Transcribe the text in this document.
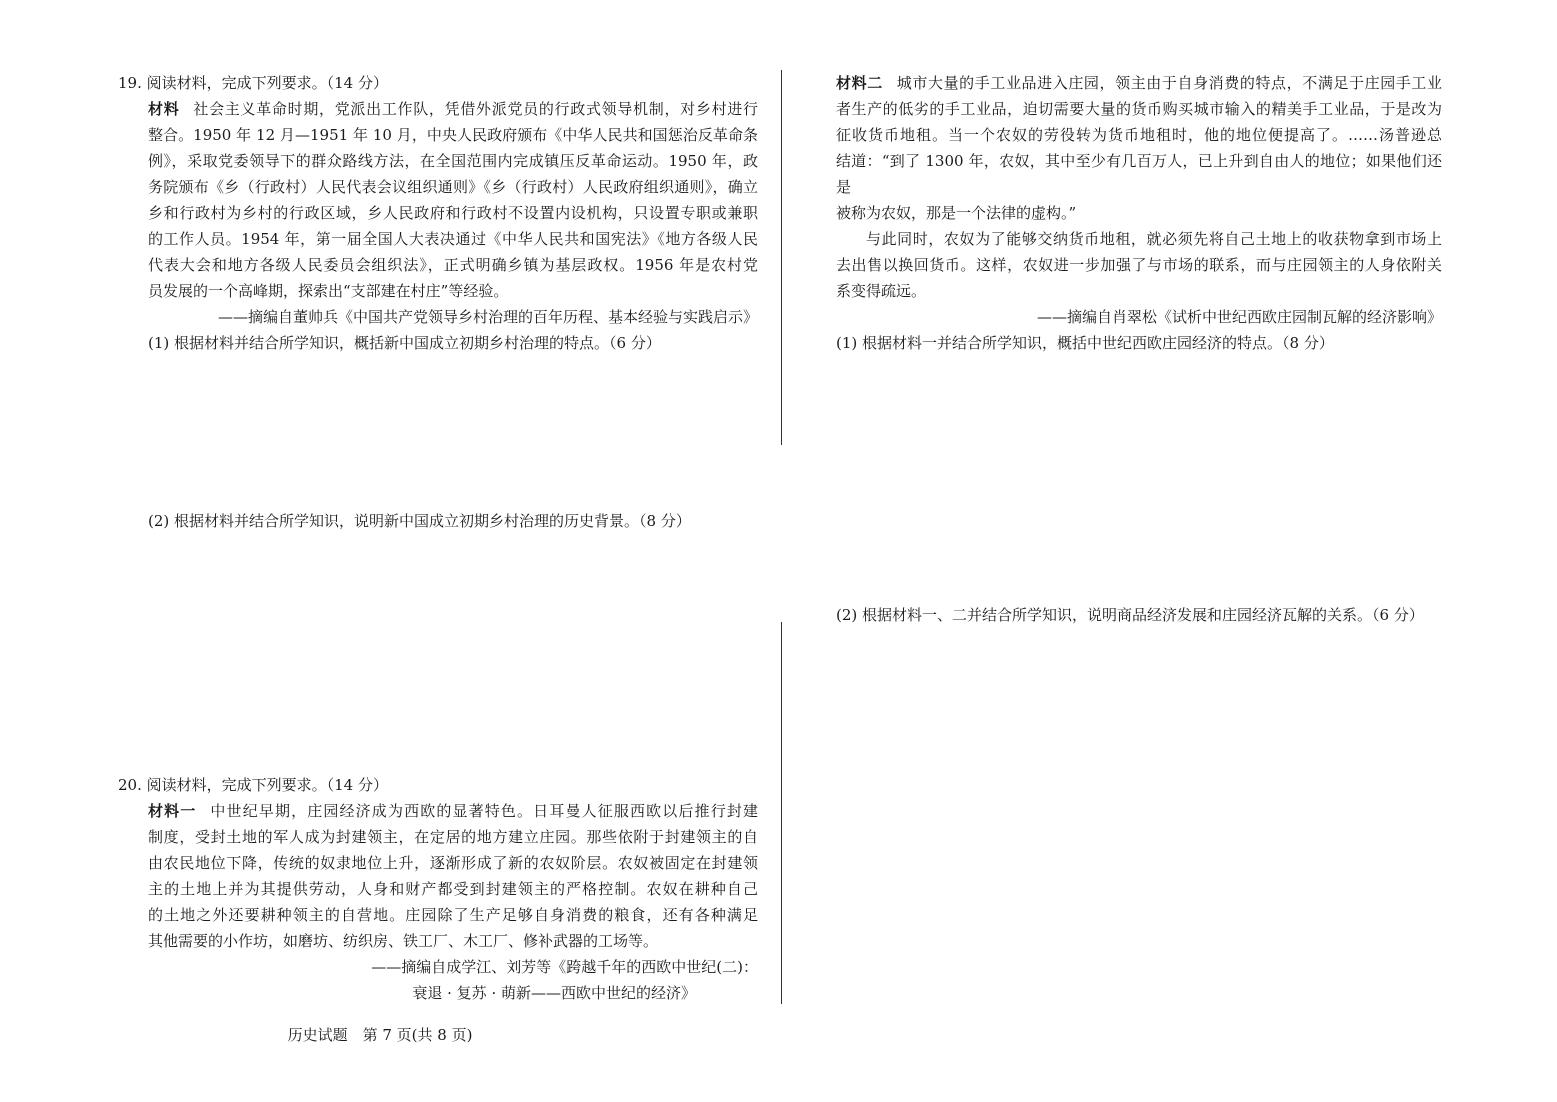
19. 阅读材料，完成下列要求。（14 分）
材料 社会主义革命时期，党派出工作队，凭借外派党员的行政式领导机制，对乡村进行
整合。1950 年 12 月—1951 年 10 月，中央人民政府颁布《中华人民共和国惩治反革命条
例》，采取党委领导下的群众路线方法，在全国范围内完成镇压反革命运动。1950 年，政
务院颁布《乡（行政村）人民代表会议组织通则》《乡（行政村）人民政府组织通则》，确立
乡和行政村为乡村的行政区域，乡人民政府和行政村不设置内设机构，只设置专职或兼职
的工作人员。1954 年，第一届全国人大表决通过《中华人民共和国宪法》《地方各级人民
代表大会和地方各级人民委员会组织法》，正式明确乡镇为基层政权。1956 年是农村党
员发展的一个高峰期，探索出“支部建在村庄”等经验。
——摘编自董帅兵《中国共产党领导乡村治理的百年历程、基本经验与实践启示》
(1) 根据材料并结合所学知识，概括新中国成立初期乡村治理的特点。（6 分）
(2) 根据材料并结合所学知识，说明新中国成立初期乡村治理的历史背景。（8 分）
20. 阅读材料，完成下列要求。（14 分）
材料一 中世纪早期，庄园经济成为西欧的显著特色。日耳曼人征服西欧以后推行封建
制度，受封土地的军人成为封建领主，在定居的地方建立庄园。那些依附于封建领主的自
由农民地位下降，传统的奴隶地位上升，逐渐形成了新的农奴阶层。农奴被固定在封建领
主的土地上并为其提供劳动，人身和财产都受到封建领主的严格控制。农奴在耕种自己
的土地之外还要耕种领主的自营地。庄园除了生产足够自身消费的粮食，还有各种满足
其他需要的小作坊，如磨坊、纺织房、铁工厂、木工厂、修补武器的工场等。
——摘编自成学江、刘芳等《跨越千年的西欧中世纪(二)：
衰退 · 复苏 · 萌新——西欧中世纪的经济》
历史试题　第 7 页(共 8 页)
材料二 城市大量的手工业品进入庄园，领主由于自身消费的特点，不满足于庄园手工业
者生产的低劣的手工业品，迫切需要大量的货币购买城市输入的精美手工业品，于是改为
征收货币地租。当一个农奴的劳役转为货币地租时，他的地位便提高了。……汤普逊总
结道：“到了 1300 年，农奴，其中至少有几百万人，已上升到自由人的地位；如果他们还是
被称为农奴，那是一个法律的虚构。”
与此同时，农奴为了能够交纳货币地租，就必须先将自己土地上的收获物拿到市场上
去出售以换回货币。这样，农奴进一步加强了与市场的联系，而与庄园领主的人身依附关
系变得疏远。
——摘编自肖翠松《试析中世纪西欧庄园制瓦解的经济影响》
(1) 根据材料一并结合所学知识，概括中世纪西欧庄园经济的特点。（8 分）
(2) 根据材料一、二并结合所学知识，说明商品经济发展和庄园经济瓦解的关系。（6 分）
